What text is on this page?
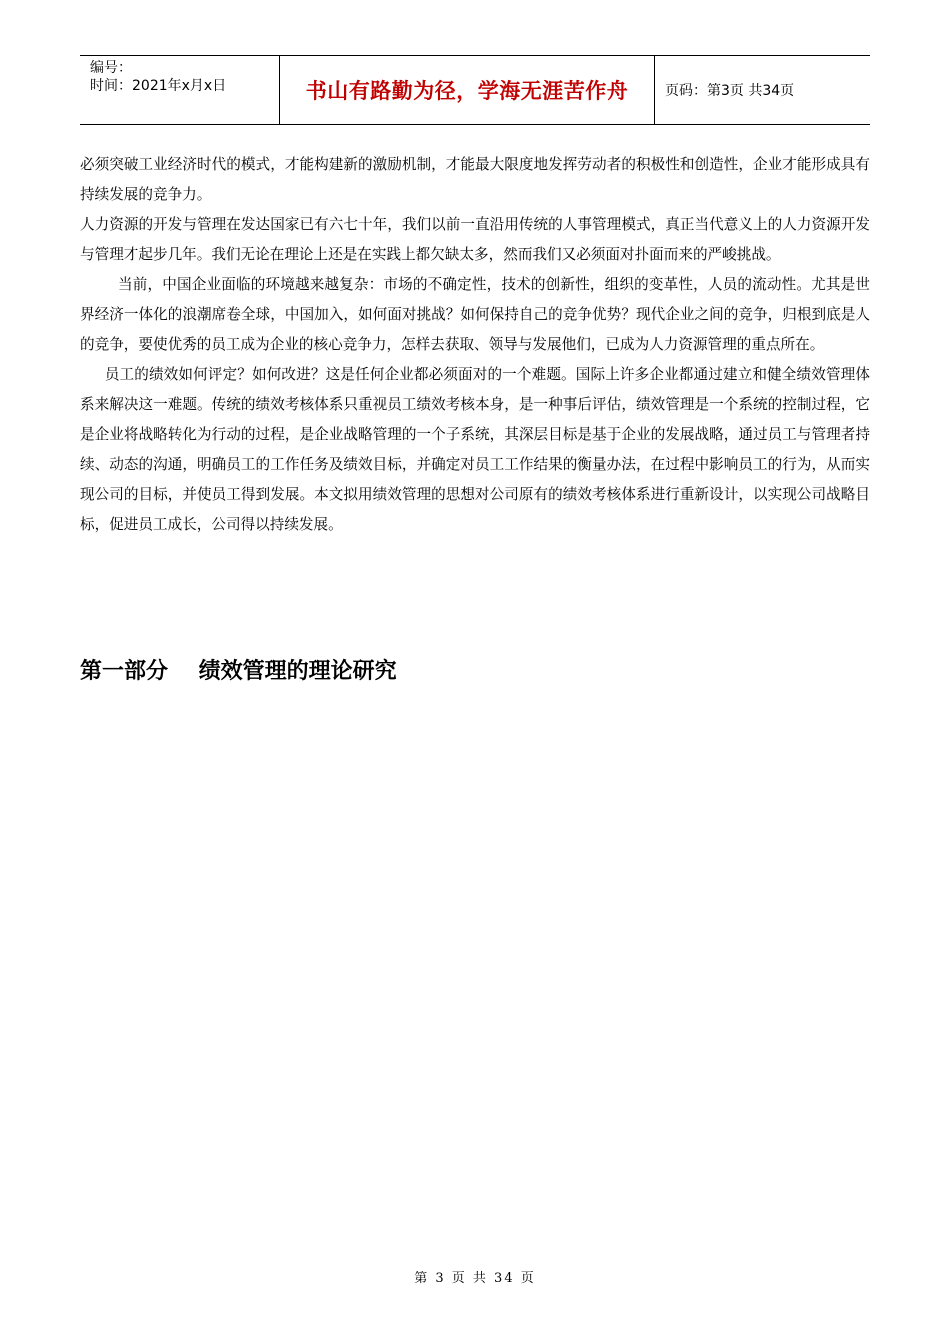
编号：
时间：2021年x月x日	书山有路勤为径，学海无涯苦作舟	页码：第3页 共34页

必须突破工业经济时代的模式，才能构建新的激励机制，才能最大限度地发挥劳动者的积极性和创造性，企业才能形成具有持续发展的竞争力。

人力资源的开发与管理在发达国家已有六七十年，我们以前一直沿用传统的人事管理模式，真正当代意义上的人力资源开发与管理才起步几年。我们无论在理论上还是在实践上都欠缺太多，然而我们又必须面对扑面而来的严峻挑战。

当前，中国企业面临的环境越来越复杂：市场的不确定性，技术的创新性，组织的变革性，人员的流动性。尤其是世界经济一体化的浪潮席卷全球，中国加入，如何面对挑战？如何保持自己的竞争优势？现代企业之间的竞争，归根到底是人的竞争，要使优秀的员工成为企业的核心竞争力，怎样去获取、领导与发展他们，已成为人力资源管理的重点所在。

员工的绩效如何评定？如何改进？这是任何企业都必须面对的一个难题。国际上许多企业都通过建立和健全绩效管理体系来解决这一难题。传统的绩效考核体系只重视员工绩效考核本身，是一种事后评估，绩效管理是一个系统的控制过程，它是企业将战略转化为行动的过程，是企业战略管理的一个子系统，其深层目标是基于企业的发展战略，通过员工与管理者持续、动态的沟通，明确员工的工作任务及绩效目标，并确定对员工工作结果的衡量办法，在过程中影响员工的行为，从而实现公司的目标，并使员工得到发展。本文拟用绩效管理的思想对公司原有的绩效考核体系进行重新设计，以实现公司战略目标，促进员工成长，公司得以持续发展。

第一部分    绩效管理的理论研究
第 3 页 共 34 页
